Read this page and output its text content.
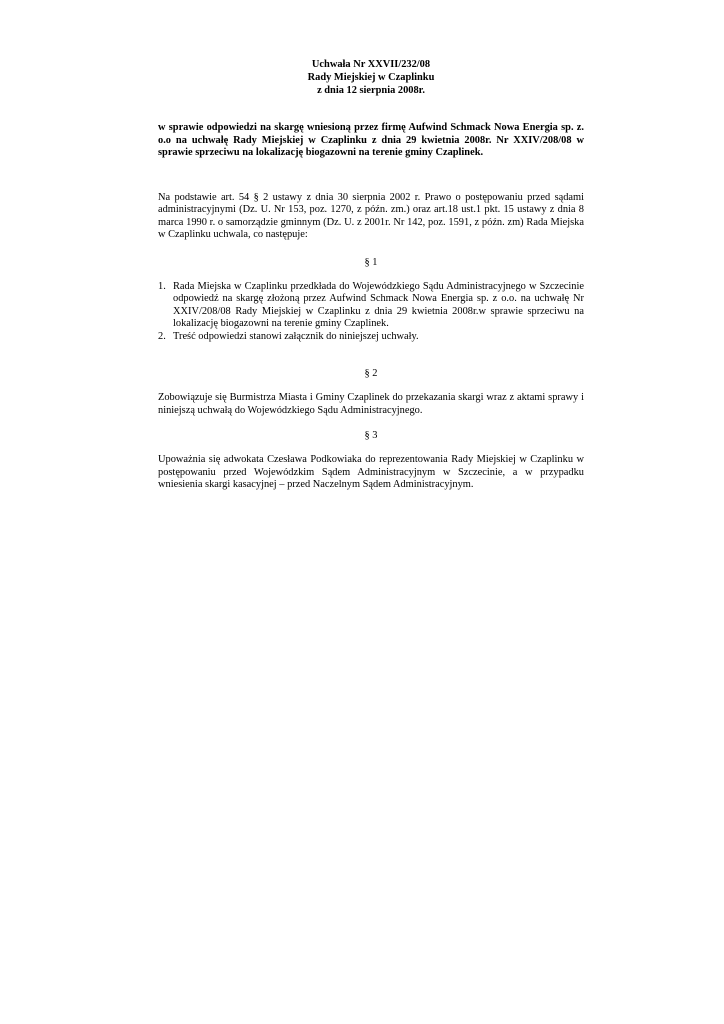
Uchwała Nr XXVII/232/08
Rady Miejskiej w Czaplinku
z dnia 12 sierpnia 2008r.
w sprawie odpowiedzi na skargę wniesioną przez firmę Aufwind Schmack Nowa Energia sp. z. o.o na uchwałę Rady Miejskiej w Czaplinku z dnia 29 kwietnia 2008r. Nr XXIV/208/08 w sprawie sprzeciwu na lokalizację biogazowni na terenie gminy Czaplinek.
Na podstawie art. 54 § 2 ustawy z dnia 30 sierpnia 2002 r. Prawo o postępowaniu przed sądami administracyjnymi (Dz. U. Nr 153, poz. 1270, z późn. zm.) oraz art.18 ust.1 pkt. 15 ustawy z dnia 8 marca 1990 r. o samorządzie gminnym (Dz. U. z 2001r. Nr 142, poz. 1591, z późn. zm) Rada Miejska w Czaplinku uchwala, co następuje:
§ 1
1. Rada Miejska w Czaplinku przedkłada do Wojewódzkiego Sądu Administracyjnego w Szczecinie odpowiedź na skargę złożoną przez Aufwind Schmack Nowa Energia sp. z o.o. na uchwałę Nr XXIV/208/08 Rady Miejskiej w Czaplinku z dnia 29 kwietnia 2008r.w sprawie sprzeciwu na lokalizację biogazowni na terenie gminy Czaplinek.
2. Treść odpowiedzi stanowi załącznik do niniejszej uchwały.
§ 2
Zobowiązuje się Burmistrza Miasta i Gminy Czaplinek do przekazania skargi wraz z aktami sprawy i niniejszą uchwałą do Wojewódzkiego Sądu Administracyjnego.
§ 3
Upoważnia się adwokata Czesława Podkowiaka do reprezentowania Rady Miejskiej w Czaplinku w postępowaniu przed Wojewódzkim Sądem Administracyjnym w Szczecinie, a w przypadku wniesienia skargi kasacyjnej – przed Naczelnym Sądem Administracyjnym.
